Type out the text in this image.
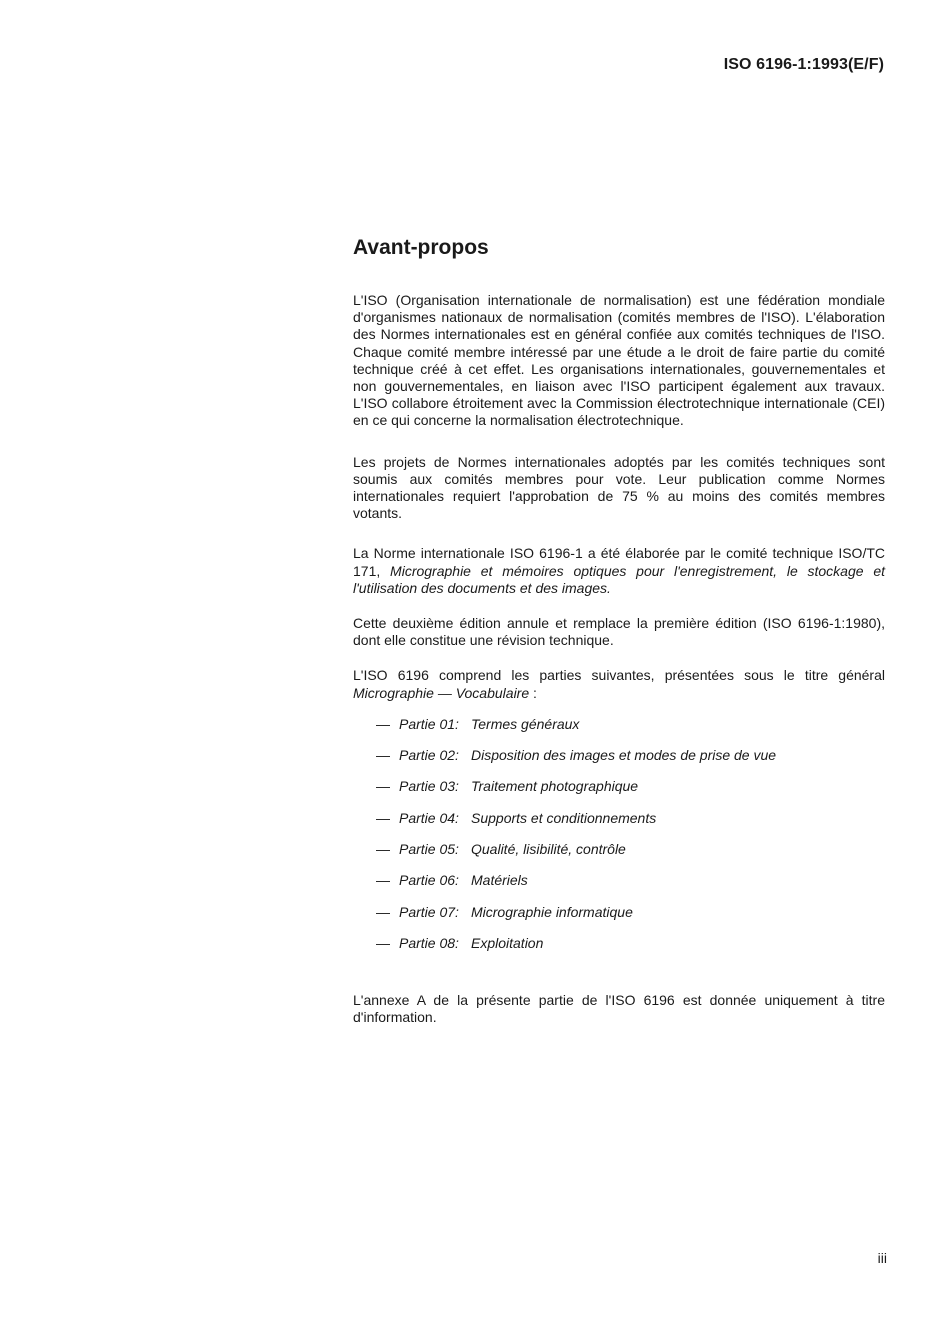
ISO 6196-1:1993(E/F)
Avant-propos

L'ISO (Organisation internationale de normalisation) est une fédération mondiale d'organismes nationaux de normalisation (comités membres de l'ISO). L'élaboration des Normes internationales est en général confiée aux comités techniques de l'ISO. Chaque comité membre intéressé par une étude a le droit de faire partie du comité technique créé à cet effet. Les organisations internationales, gouvernementales et non gouvernementales, en liaison avec l'ISO participent également aux travaux. L'ISO collabore étroitement avec la Commission électrotechnique internationale (CEI) en ce qui concerne la normalisation électrotechnique.

Les projets de Normes internationales adoptés par les comités techniques sont soumis aux comités membres pour vote. Leur publication comme Normes internationales requiert l'approbation de 75 % au moins des comités membres votants.

La Norme internationale ISO 6196-1 a été élaborée par le comité technique ISO/TC 171, Micrographie et mémoires optiques pour l'enregistrement, le stockage et l'utilisation des documents et des images.

Cette deuxième édition annule et remplace la première édition (ISO 6196-1:1980), dont elle constitue une révision technique.

L'ISO 6196 comprend les parties suivantes, présentées sous le titre général Micrographie — Vocabulaire :

— Partie 01: Termes généraux
— Partie 02: Disposition des images et modes de prise de vue
— Partie 03: Traitement photographique
— Partie 04: Supports et conditionnements
— Partie 05: Qualité, lisibilité, contrôle
— Partie 06: Matériels
— Partie 07: Micrographie informatique
— Partie 08: Exploitation

L'annexe A de la présente partie de l'ISO 6196 est donnée uniquement à titre d'information.

iii
